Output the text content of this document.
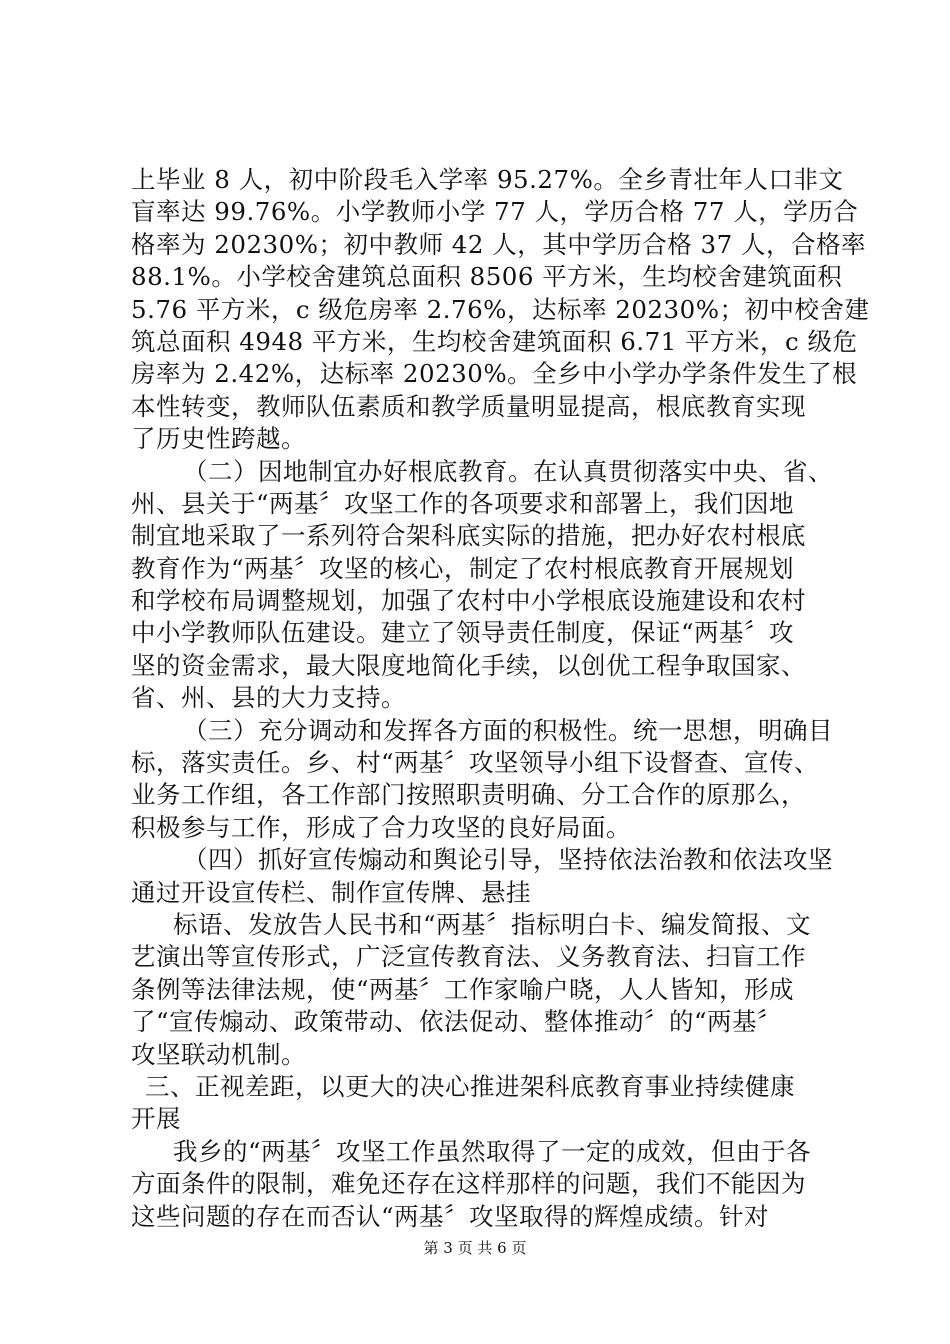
上毕业 8 人，初中阶段毛入学率 95.27%。全乡青壮年人口非文
盲率达 99.76%。小学教师小学 77 人，学历合格 77 人，学历合
格率为 20230%；初中教师 42 人，其中学历合格 37 人，合格率
88.1%。小学校舍建筑总面积 8506 平方米，生均校舍建筑面积
5.76 平方米，c 级危房率 2.76%，达标率 20230%；初中校舍建
筑总面积 4948 平方米，生均校舍建筑面积 6.71 平方米，c 级危
房率为 2.42%，达标率 20230%。全乡中小学办学条件发生了根
本性转变，教师队伍素质和教学质量明显提高，根底教育实现
了历史性跨越。
（二）因地制宜办好根底教育。在认真贯彻落实中央、省、
州、县关于“两基〞攻坚工作的各项要求和部署上，我们因地
制宜地采取了一系列符合架科底实际的措施，把办好农村根底
教育作为“两基〞攻坚的核心，制定了农村根底教育开展规划
和学校布局调整规划，加强了农村中小学根底设施建设和农村
中小学教师队伍建设。建立了领导责任制度，保证“两基〞攻
坚的资金需求，最大限度地简化手续，以创优工程争取国家、
省、州、县的大力支持。
（三）充分调动和发挥各方面的积极性。统一思想，明确目
标，落实责任。乡、村“两基〞攻坚领导小组下设督查、宣传、
业务工作组，各工作部门按照职责明确、分工合作的原那么，
积极参与工作，形成了合力攻坚的良好局面。
（四）抓好宣传煽动和舆论引导，坚持依法治教和依法攻坚
通过开设宣传栏、制作宣传牌、悬挂
标语、发放告人民书和“两基〞指标明白卡、编发简报、文
艺演出等宣传形式，广泛宣传教育法、义务教育法、扫盲工作
条例等法律法规，使“两基〞工作家喻户晓，人人皆知，形成
了“宣传煽动、政策带动、依法促动、整体推动〞的“两基〞
攻坚联动机制。
三、正视差距，以更大的决心推进架科底教育事业持续健康
开展
我乡的“两基〞攻坚工作虽然取得了一定的成效，但由于各
方面条件的限制，难免还存在这样那样的问题，我们不能因为
这些问题的存在而否认“两基〞攻坚取得的辉煌成绩。针对
第 3 页 共 6 页
